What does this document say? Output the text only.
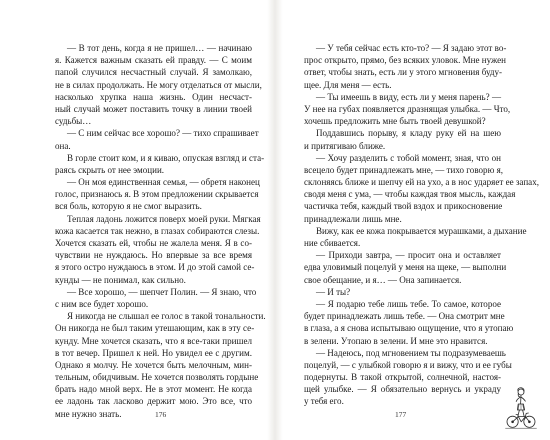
— В тот день, когда я не пришел… — начинаю
я. Кажется важным сказать ей правду. — С моим
папой случился несчастный случай. Я замолкаю,
не в силах продолжать. Не могу отделаться от мысли,
насколько хрупка наша жизнь. Один несчаст-
ный случай может поставить точку в линии твоей
судьбы…
— С ним сейчас все хорошо? — тихо спрашивает
она.
В горле стоит ком, и я киваю, опуская взгляд и ста-
раясь скрыть от нее эмоции.
— Он моя единственная семья, — обретя наконец
голос, признаюсь я. В этом предложении скрывается
вся боль, которую я не смог выразить.
Теплая ладонь ложится поверх моей руки. Мягкая
кожа касается так нежно, в глазах собираются слезы.
Хочется сказать ей, чтобы не жалела меня. Я в со-
чувствии не нуждаюсь. Но впервые за все время
я этого остро нуждаюсь в этом. И до этой самой се-
кунды — не понимал, как сильно.
— Все хорошо, — шепчет Полин. — Я знаю, что
с ним все будет хорошо.
Я никогда не слышал ее голос в такой тональности.
Он никогда не был таким утешающим, как в эту се-
кунду. Мне хочется сказать, что я все-таки пришел
в тот вечер. Пришел к ней. Но увидел ее с другим.
Однако я молчу. Не хочется быть мелочным, мин-
тельным, обидчивым. Не хочется позволять гордыне
брать надо мной верх. Не в этот момент. Не когда
ее ладонь так ласково держит мою. Это все, что
мне нужно знать.
— У тебя сейчас есть кто-то? — Я задаю этот во-
прос открыто, прямо, без всяких уловок. Мне нужен
ответ, чтобы знать, есть ли у этого мгновения буду-
щее. Для меня — есть.
— Ты имеешь в виду, есть ли у меня парень? —
У нее на губах появляется дразнящая улыбка. — Что,
хочешь предложить мне быть твоей девушкой?
Поддавшись порыву, я кладу руку ей на шею
и притягиваю ближе.
— Хочу разделить с тобой момент, зная, что он
всецело будет принадлежать мне, — тихо говорю я,
склоняясь ближе и шепчу ей на ухо, а в нос ударяет ее запах,
сводя меня с ума, — чтобы каждая твоя мысль, каждая
частичка тебя, каждый твой вздох и прикосновение
принадлежали лишь мне.
Вижу, как ее кожа покрывается мурашками, а дыхание
ние сбивается.
— Приходи завтра, — просит она и оставляет
едва уловимый поцелуй у меня на щеке, — выполни
свое обещание, и я… — Она запинается.
— И ты?
— Я подарю тебе лишь тебе. То самое, которое
будет принадлежать лишь тебе. — Она смотрит мне
в глаза, а я снова испытываю ощущение, что я утопаю
в зелени. Утопаю в зелени. И мне это нравится.
— Надеюсь, под мгновением ты подразумеваешь
поцелуй, — с улыбкой говорю я и вижу, что и ее губы
подернуты. В такой открытой, солнечной, настоя-
щей улыбке. — Я обязательно вернусь и украду
у тебя его.
176	177
